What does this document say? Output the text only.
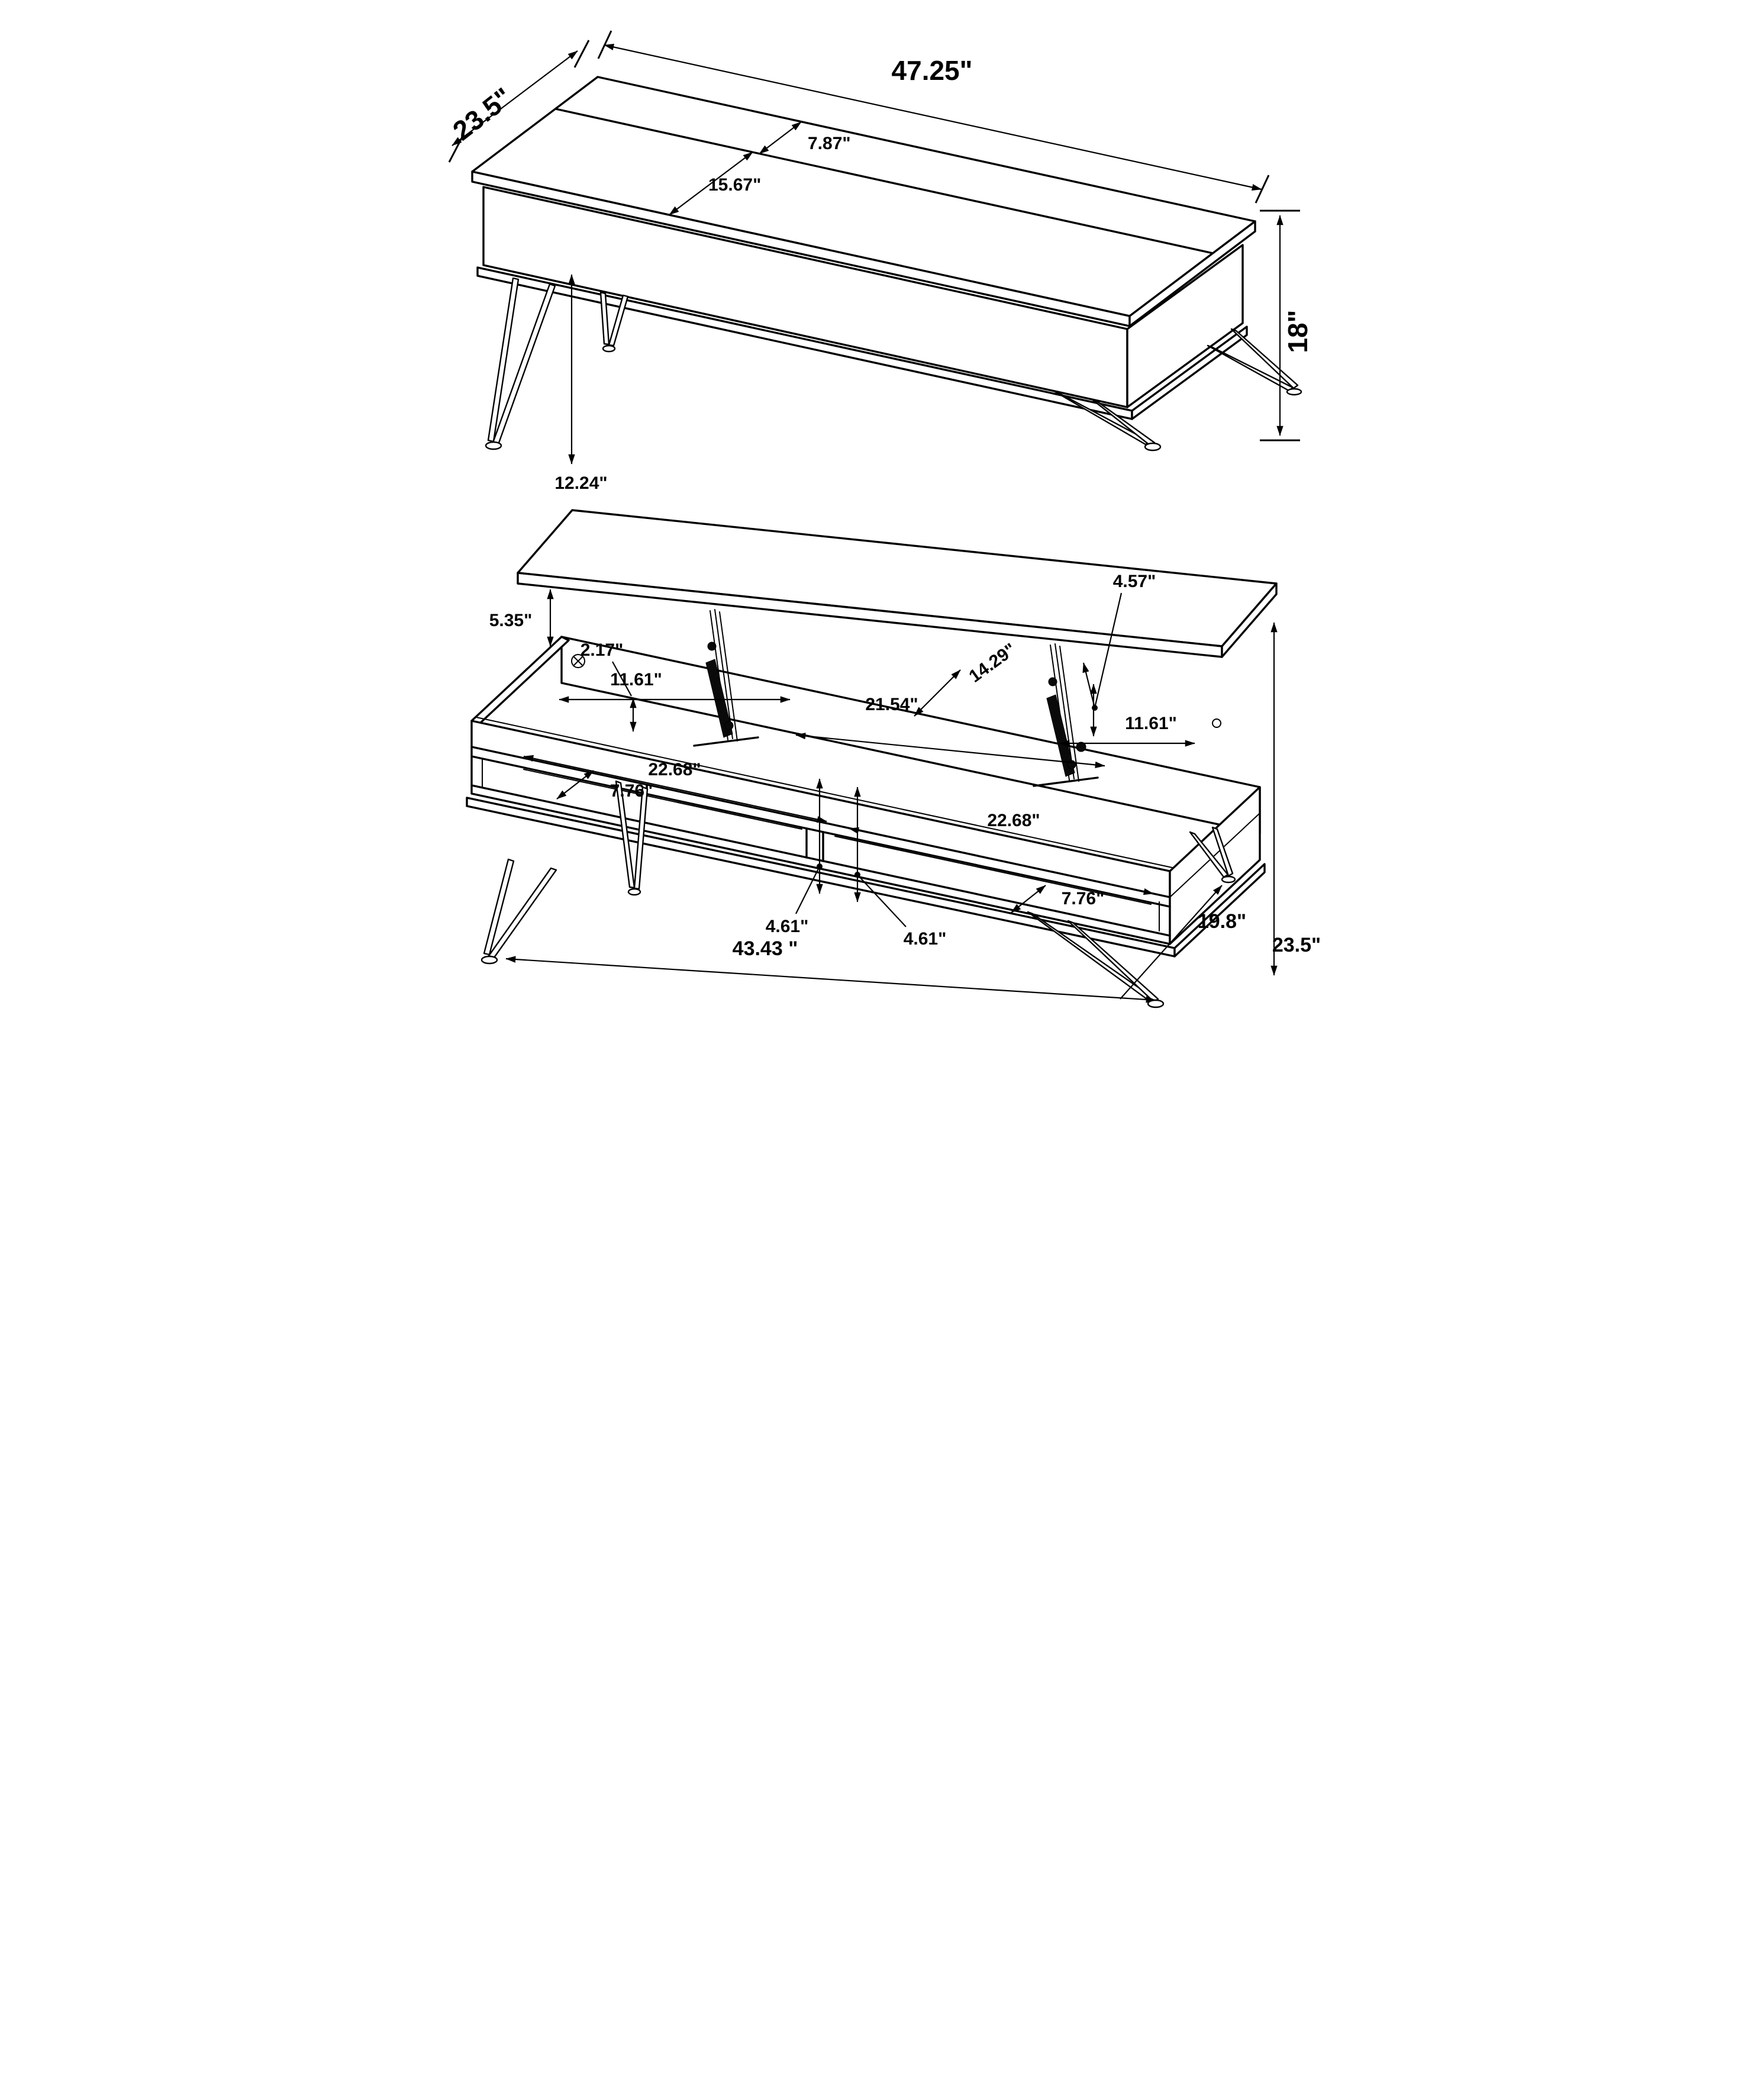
47.25"
23.5"	7.87"
15.67"
18"
12.24"
5.35"
11.61"
2.17"
21.54"
14.29"
4.57"
11.61"
22.68"
7.76"
4.61"
4.61"
22.68"
7.76"
23.5"
43.43 "
19.8"
